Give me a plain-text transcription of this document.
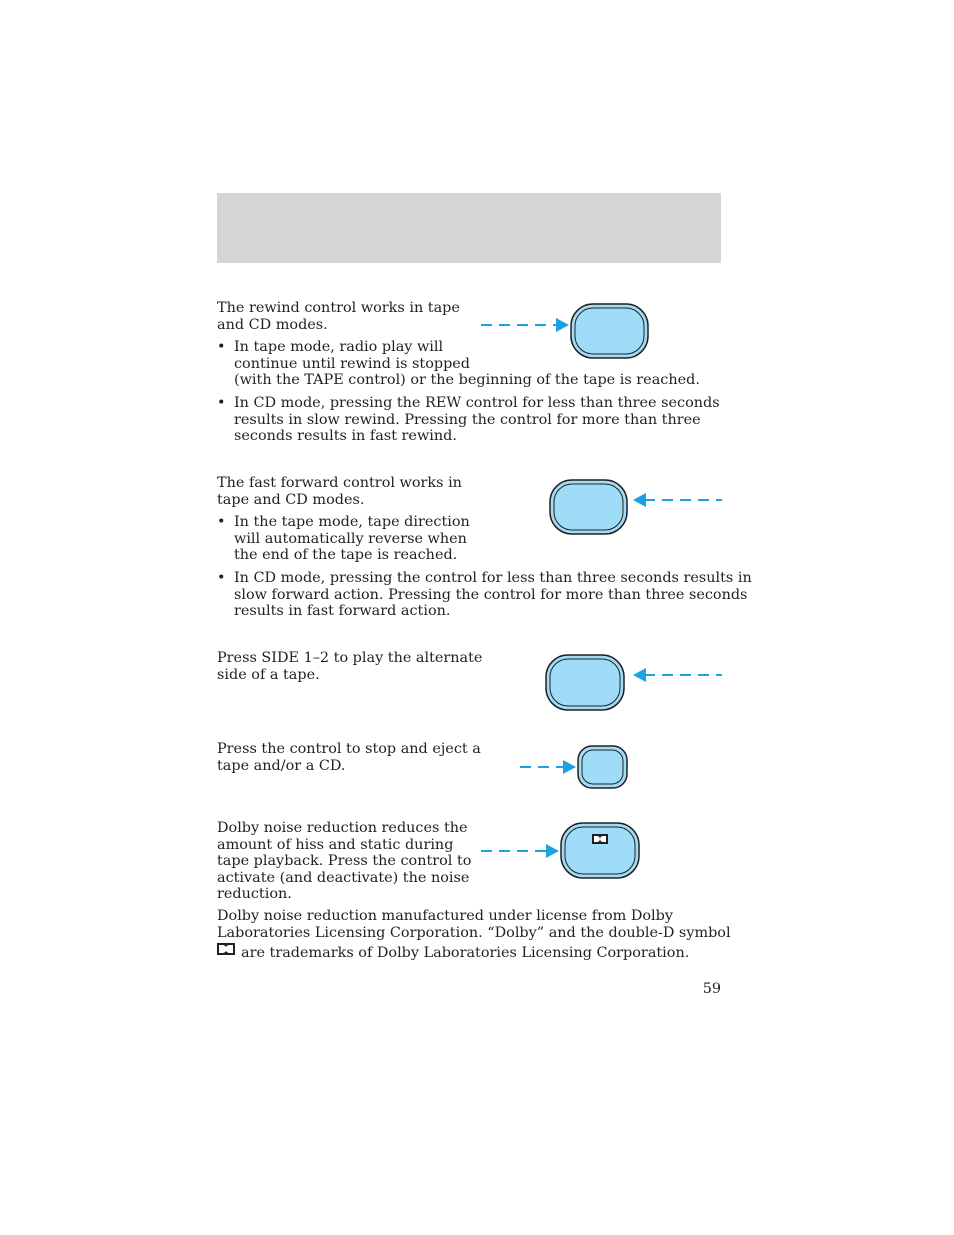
The rewind control works in tape

and CD modes.

• In tape mode, radio play will
continue until rewind is stopped
(with the TAPE control) or the beginning of the tape is reached.
• In CD mode, pressing the REW control for less than three seconds
results in slow rewind. Pressing the control for more than three
seconds results in fast rewind.

The fast forward control works in

tape and CD modes.

• In the tape mode, tape direction
will automatically reverse when
the end of the tape is reached.
• In CD mode, pressing the control for less than three seconds results in
slow forward action. Pressing the control for more than three seconds
results in fast forward action.

Press SIDE 1–2 to play the alternate

side of a tape.

Press the control to stop and eject a

tape and/or a CD.

Dolby noise reduction reduces the

amount of hiss and static during

tape playback. Press the control to

activate (and deactivate) the noise

reduction.

Dolby noise reduction manufactured under license from Dolby

Laboratories Licensing Corporation. “Dolby” and the double-D symbol

are trademarks of Dolby Laboratories Licensing Corporation.

59
